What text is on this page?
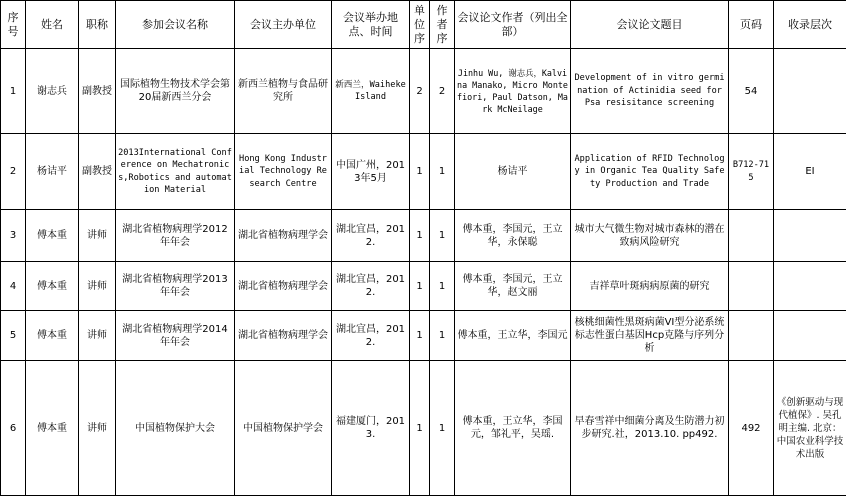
序号	姓名	职称	参加会议名称	会议主办单位	会议举办地点、时间	单位序	作者序	会议论文作者（列出全部）	会议论文题目	页码	收录层次
1	谢志兵	副教授	国际植物生物技术学会第20届新西兰分会	新西兰植物与食品研究所	新西兰，Waiheke Island	2	2	Jinhu Wu, 谢志兵，Kalvina Manako, Micro Montefiori, Paul Datson, Mark McNeilage	Development of in vitro germination of Actinidia seed for Psa resisitance screening	54	
2	杨诘平	副教授	2013International Conference on Mechatronics,Robotics and automation Material	Hong Kong Industrial Technology Research Centre	中国广州，2013年5月	1	1	杨诘平	Application of RFID Technology in Organic Tea Quality Safety Production and Trade	B712-715	EI
3	傅本重	讲师	湖北省植物病理学2012年年会	湖北省植物病理学会	湖北宜昌，2012.	1	1	傅本重，李国元，王立华，永保聪	城市大气微生物对城市森林的潜在致病风险研究		
4	傅本重	讲师	湖北省植物病理学2013年年会	湖北省植物病理学会	湖北宜昌，2012.	1	1	傅本重，李国元，王立华，赵文丽	吉祥草叶斑病病原菌的研究		
5	傅本重	讲师	湖北省植物病理学2014年年会	湖北省植物病理学会	湖北宜昌，2012.	1	1	傅本重，王立华，李国元	核桃细菌性黑斑病菌VI型分泌系统标志性蛋白基因Hcp克隆与序列分析		
6	傅本重	讲师	中国植物保护大会	中国植物保护学会	福建厦门，2013.	1	1	傅本重，王立华，李国元，邹礼平，吴瑶.	早春雪祥中细菌分离及生防潜力初步研究.社，2013.10. pp492.	492	《创新驱动与现代植保》. 吴孔明主编. 北京：中国农业科学技术出版
